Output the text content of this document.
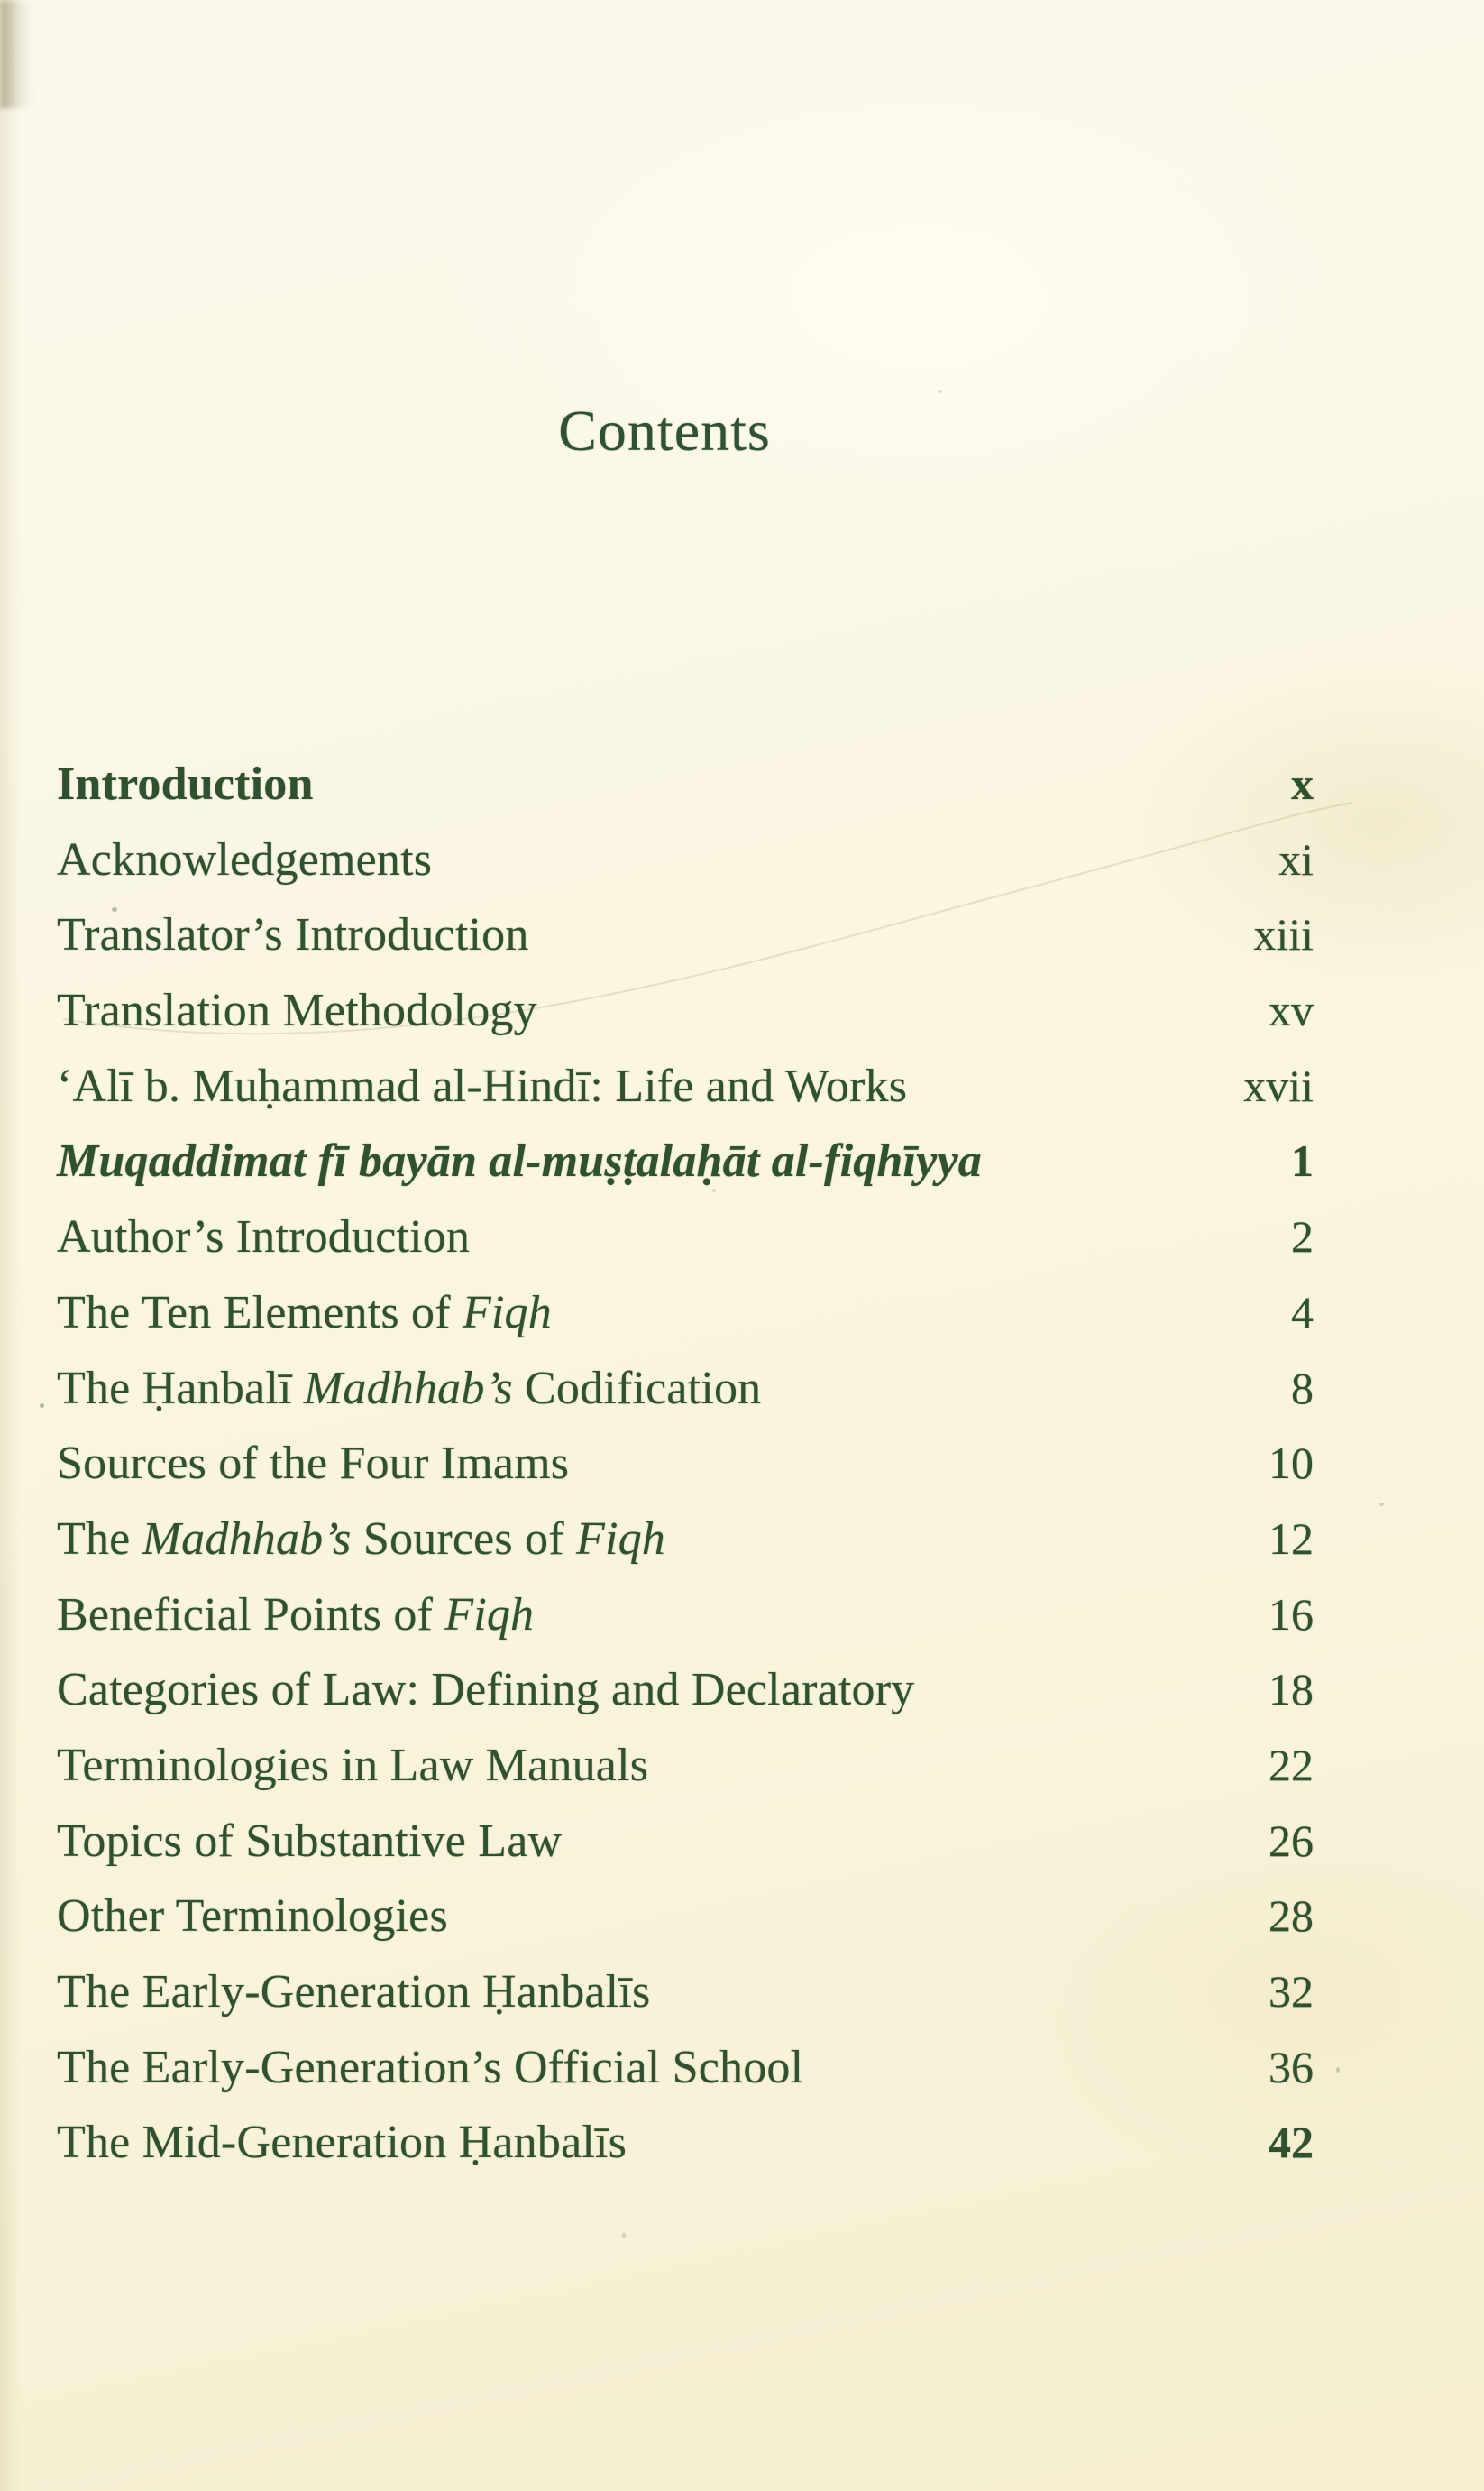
Contents
Introduction	x
Acknowledgements	xi
Translator’s Introduction	xiii
Translation Methodology	xv
‘Alī b. Muḥammad al-Hindī: Life and Works	xvii
Muqaddimat fī bayān al-muṣṭalaḥāt al-fiqhīyya	1
Author’s Introduction	2
The Ten Elements of Fiqh	4
The Ḥanbalī Madhhab’s Codification	8
Sources of the Four Imams	10
The Madhhab’s Sources of Fiqh	12
Beneficial Points of Fiqh	16
Categories of Law: Defining and Declaratory	18
Terminologies in Law Manuals	22
Topics of Substantive Law	26
Other Terminologies	28
The Early-Generation Ḥanbalīs	32
The Early-Generation’s Official School	36
The Mid-Generation Ḥanbalīs	42
